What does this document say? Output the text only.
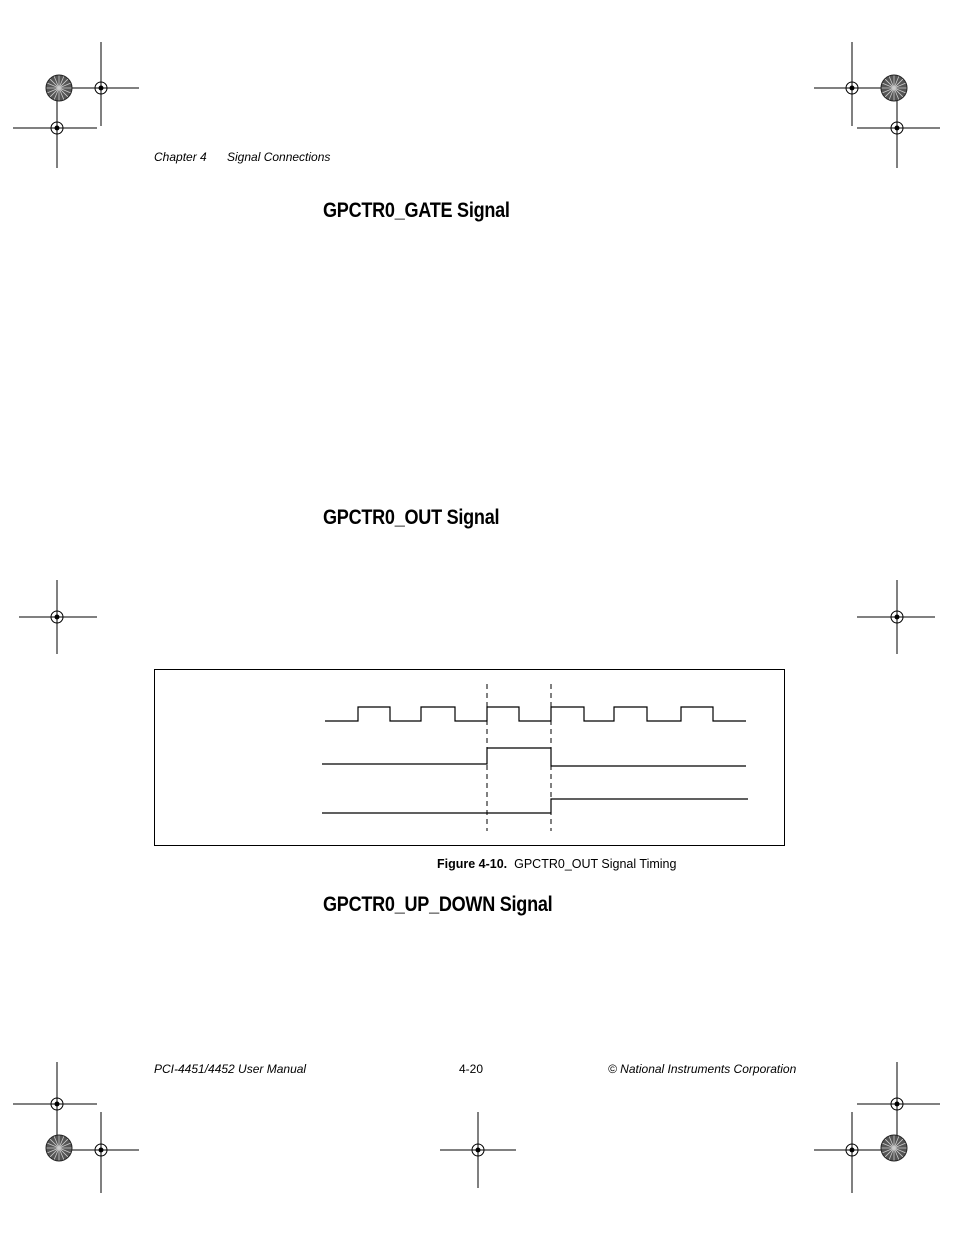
Chapter 4 Signal Connections
GPCTR0_GATE Signal
GPCTR0_OUT Signal
Figure 4-10. GPCTR0_OUT Signal Timing
GPCTR0_UP_DOWN Signal
PCI-4451/4452 User Manual	4-20	© National Instruments Corporation
